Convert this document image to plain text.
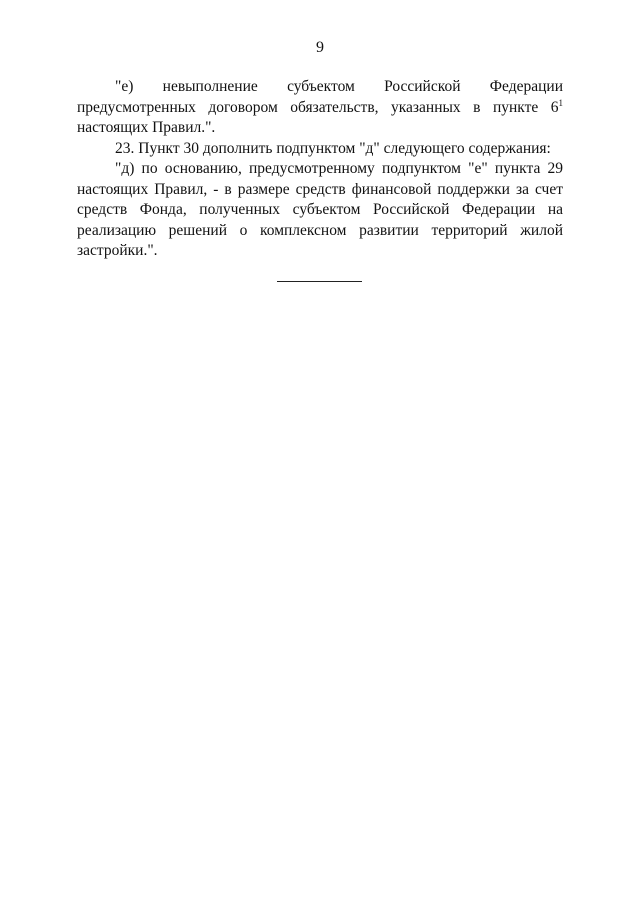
9

"е) невыполнение субъектом Российской Федерации предусмотренных договором обязательств, указанных в пункте $6^1$ настоящих Правил.".

23. Пункт 30 дополнить подпунктом "д" следующего содержания:

"д) по основанию, предусмотренному подпунктом "е" пункта 29 настоящих Правил, - в размере средств финансовой поддержки за счет средств Фонда, полученных субъектом Российской Федерации на реализацию решений о комплексном развитии территорий жилой застройки.".
